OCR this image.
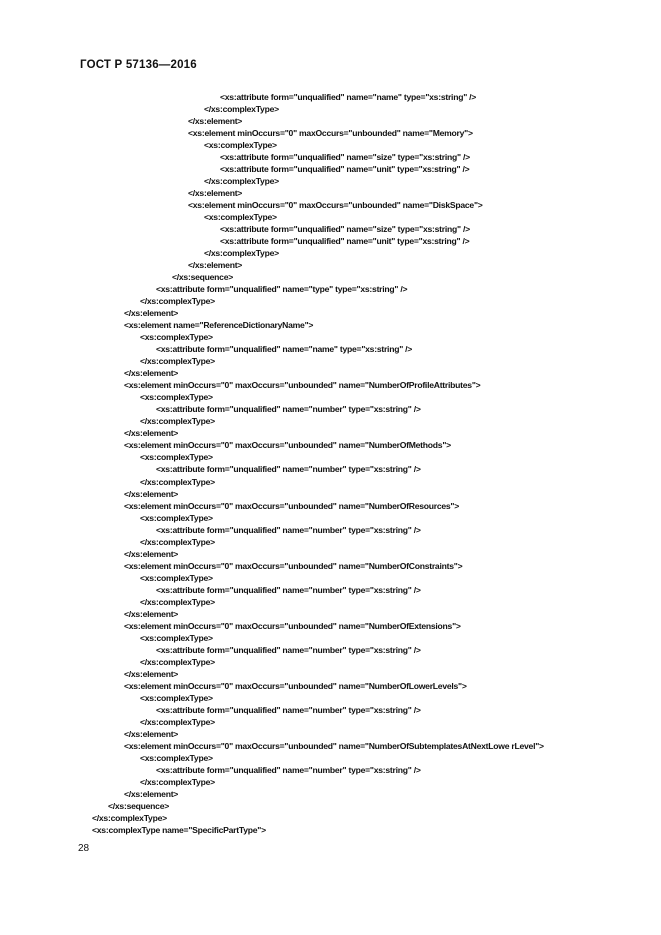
ГОСТ Р 57136—2016
<xs:attribute form="unqualified" name="name" type="xs:string" />
</xs:complexType>
</xs:element>
<xs:element minOccurs="0" maxOccurs="unbounded" name="Memory">
<xs:complexType>
<xs:attribute form="unqualified" name="size" type="xs:string" />
<xs:attribute form="unqualified" name="unit" type="xs:string" />
</xs:complexType>
</xs:element>
<xs:element minOccurs="0" maxOccurs="unbounded" name="DiskSpace">
<xs:complexType>
<xs:attribute form="unqualified" name="size" type="xs:string" />
<xs:attribute form="unqualified" name="unit" type="xs:string" />
</xs:complexType>
</xs:element>
</xs:sequence>
<xs:attribute form="unqualified" name="type" type="xs:string" />
</xs:complexType>
</xs:element>
<xs:element name="ReferenceDictionaryName">
<xs:complexType>
<xs:attribute form="unqualified" name="name" type="xs:string" />
</xs:complexType>
</xs:element>
<xs:element minOccurs="0" maxOccurs="unbounded" name="NumberOfProfileAttributes">
<xs:complexType>
<xs:attribute form="unqualified" name="number" type="xs:string" />
</xs:complexType>
</xs:element>
<xs:element minOccurs="0" maxOccurs="unbounded" name="NumberOfMethods">
<xs:complexType>
<xs:attribute form="unqualified" name="number" type="xs:string" />
</xs:complexType>
</xs:element>
<xs:element minOccurs="0" maxOccurs="unbounded" name="NumberOfResources">
<xs:complexType>
<xs:attribute form="unqualified" name="number" type="xs:string" />
</xs:complexType>
</xs:element>
<xs:element minOccurs="0" maxOccurs="unbounded" name="NumberOfConstraints">
<xs:complexType>
<xs:attribute form="unqualified" name="number" type="xs:string" />
</xs:complexType>
</xs:element>
<xs:element minOccurs="0" maxOccurs="unbounded" name="NumberOfExtensions">
<xs:complexType>
<xs:attribute form="unqualified" name="number" type="xs:string" />
</xs:complexType>
</xs:element>
<xs:element minOccurs="0" maxOccurs="unbounded" name="NumberOfLowerLevels">
<xs:complexType>
<xs:attribute form="unqualified" name="number" type="xs:string" />
</xs:complexType>
</xs:element>
<xs:element minOccurs="0" maxOccurs="unbounded" name="NumberOfSubtemplatesAtNextLowe rLevel">
<xs:complexType>
<xs:attribute form="unqualified" name="number" type="xs:string" />
</xs:complexType>
</xs:element>
</xs:sequence>
</xs:complexType>
<xs:complexType name="SpecificPartType">
28
